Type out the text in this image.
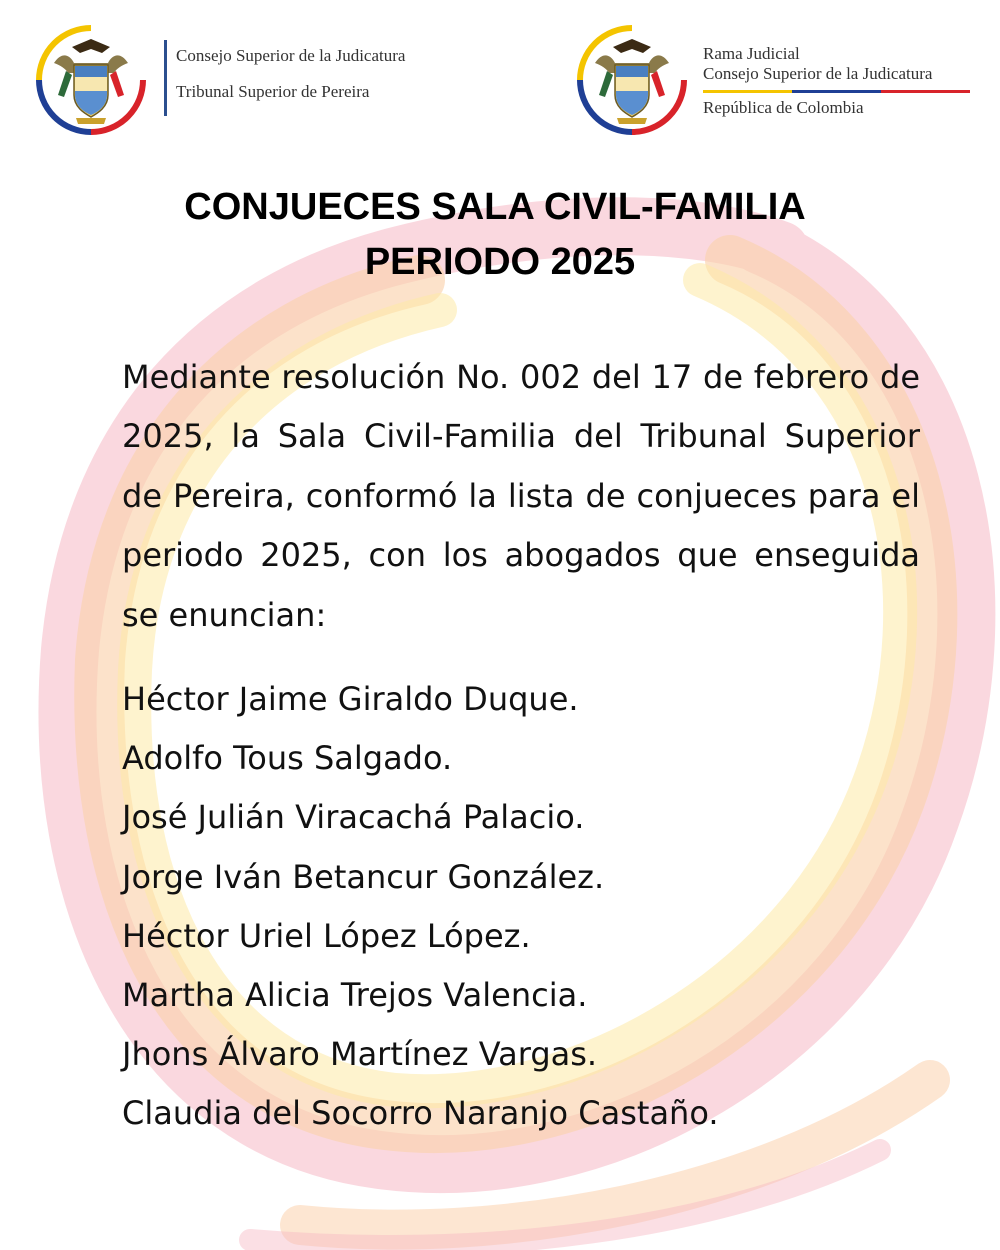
Consejo Superior de la Judicatura
Tribunal Superior de Pereira
Rama Judicial
Consejo Superior de la Judicatura
República de Colombia
CONJUECES SALA CIVIL-FAMILIA
PERIODO 2025

Mediante resolución No. 002 del 17 de febrero de 2025, la Sala Civil-Familia del Tribunal Superior de Pereira, conformó la lista de conjueces para el periodo 2025, con los abogados que enseguida se enuncian:

Héctor Jaime Giraldo Duque.
Adolfo Tous Salgado.
José Julián Viracachá Palacio.
Jorge Iván Betancur González.
Héctor Uriel López López.
Martha Alicia Trejos Valencia.
Jhons Álvaro Martínez Vargas.
Claudia del Socorro Naranjo Castaño.
